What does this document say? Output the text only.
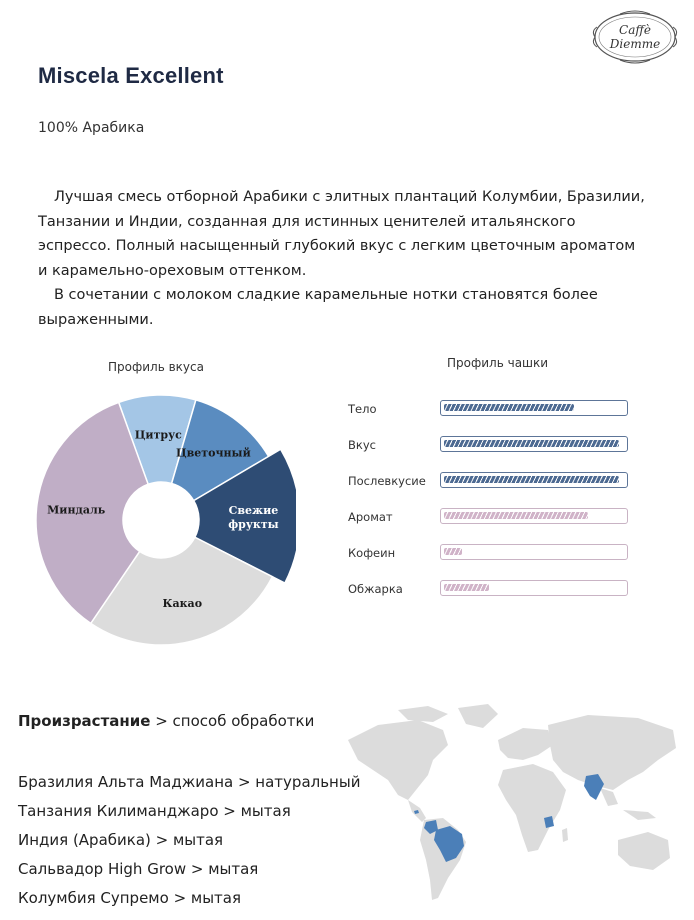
Caffè
Diemme
Miscela Excellent
100% Арабика

Лучшая смесь отборной Арабики с элитных плантаций Колумбии, Бразилии, Танзании и Индии, созданная для истинных ценителей итальянского эспрессо. Полный насыщенный глубокий вкус с легким цветочным ароматом и карамельно-ореховым оттенком.

В сочетании с молоком сладкие карамельные нотки становятся более выраженными.

Профиль вкуса	Профиль чашки
Цитрус
Цветочный
Свежие фрукты
Какао
Миндаль
Тело
Вкус
Послевкусие
Аромат
Кофеин
Обжарка
Произрастание > способ обработки
Бразилия Альта Маджиана > натуральный
Танзания Килиманджаро > мытая
Индия (Арабика) > мытая
Сальвадор High Grow > мытая
Колумбия Супремо > мытая
